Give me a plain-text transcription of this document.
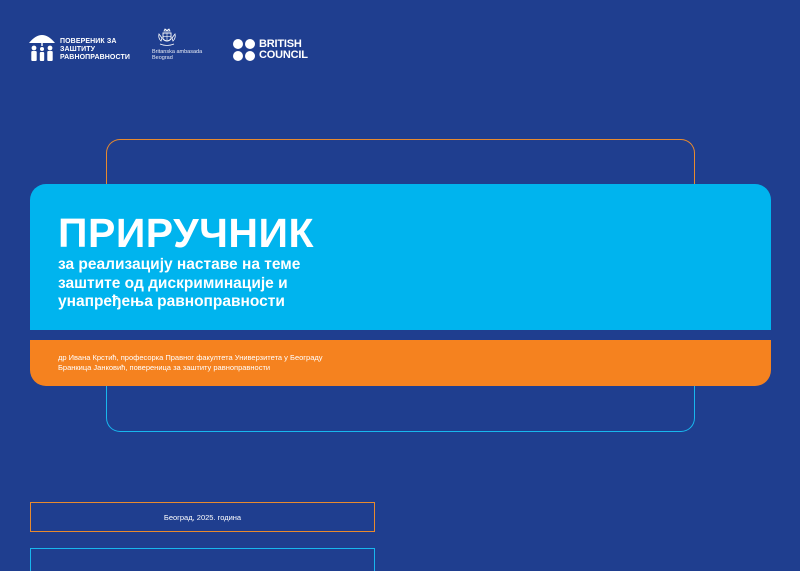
ПОВЕРЕНИК ЗА
ЗАШТИТУ
РАВНОПРАВНОСТИ
Britanska ambasada
Beograd
BRITISH
COUNCIL
ПРИРУЧНИК
за реализацију наставе на теме заштите од дискриминације и унапређења равноправности
др Ивана Крстић, професорка Правног факултета Универзитета у Београду
Бранкица Јанковић, повереница за заштиту равноправности
Београд, 2025. година
